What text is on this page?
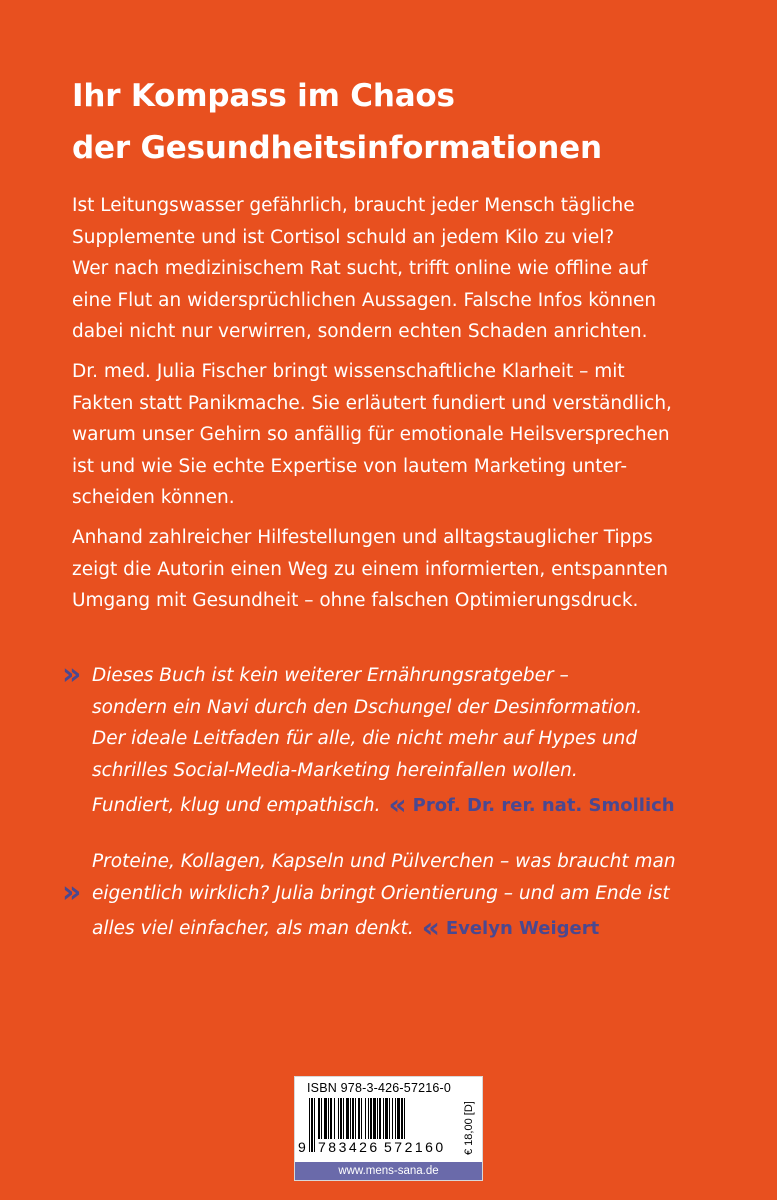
Ihr Kompass im Chaos
der Gesundheitsinformationen
Ist Leitungswasser gefährlich, braucht jeder Mensch tägliche
Supplemente und ist Cortisol schuld an jedem Kilo zu viel?
Wer nach medizinischem Rat sucht, trifft online wie offline auf
eine Flut an widersprüchlichen Aussagen. Falsche Infos können
dabei nicht nur verwirren, sondern echten Schaden anrichten.
Dr. med. Julia Fischer bringt wissenschaftliche Klarheit – mit
Fakten statt Panikmache. Sie erläutert fundiert und verständlich,
warum unser Gehirn so anfällig für emotionale Heilsversprechen
ist und wie Sie echte Expertise von lautem Marketing unter-
scheiden können.
Anhand zahlreicher Hilfestellungen und alltagstauglicher Tipps
zeigt die Autorin einen Weg zu einem informierten, entspannten
Umgang mit Gesundheit – ohne falschen Optimierungsdruck.
» Dieses Buch ist kein weiterer Ernährungsratgeber –
sondern ein Navi durch den Dschungel der Desinformation.
Der ideale Leitfaden für alle, die nicht mehr auf Hypes und
schrilles Social-Media-Marketing hereinfallen wollen.
Fundiert, klug und empathisch. « Prof. Dr. rer. nat. Smollich
»
Proteine, Kollagen, Kapseln und Pülverchen – was braucht man
eigentlich wirklich? Julia bringt Orientierung – und am Ende ist
alles viel einfacher, als man denkt. « Evelyn Weigert
ISBN 978-3-426-57216-0
9 783426 572160 € 18,00 [D]
www.mens-sana.de
